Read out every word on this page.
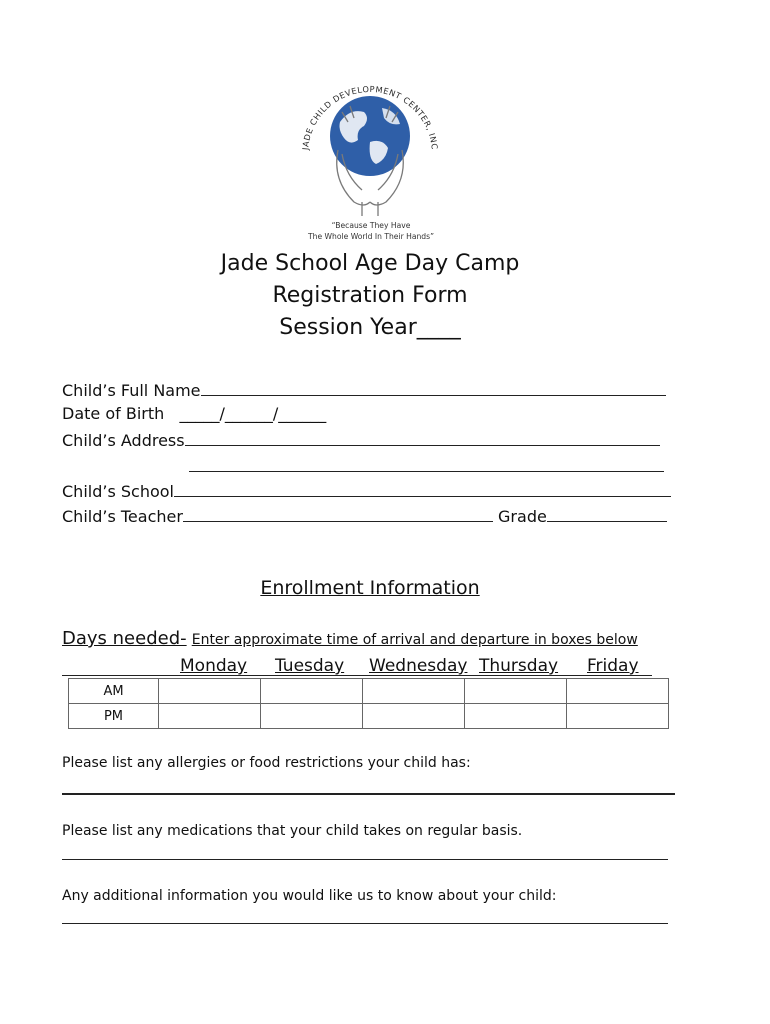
JADE CHILD DEVELOPMENT CENTER, INC
“Because They Have
The Whole World In Their Hands”
Jade School Age Day Camp
Registration Form
Session Year____
Child’s Full Name
Date of Birth _____/______/______
Child’s Address
Child’s School
Child’s Teacher	Grade
Enrollment Information
Days needed- Enter approximate time of arrival and departure in boxes below
Monday Tuesday Wednesday Thursday Friday
AM					
PM					
Please list any allergies or food restrictions your child has:
Please list any medications that your child takes on regular basis.
Any additional information you would like us to know about your child:
